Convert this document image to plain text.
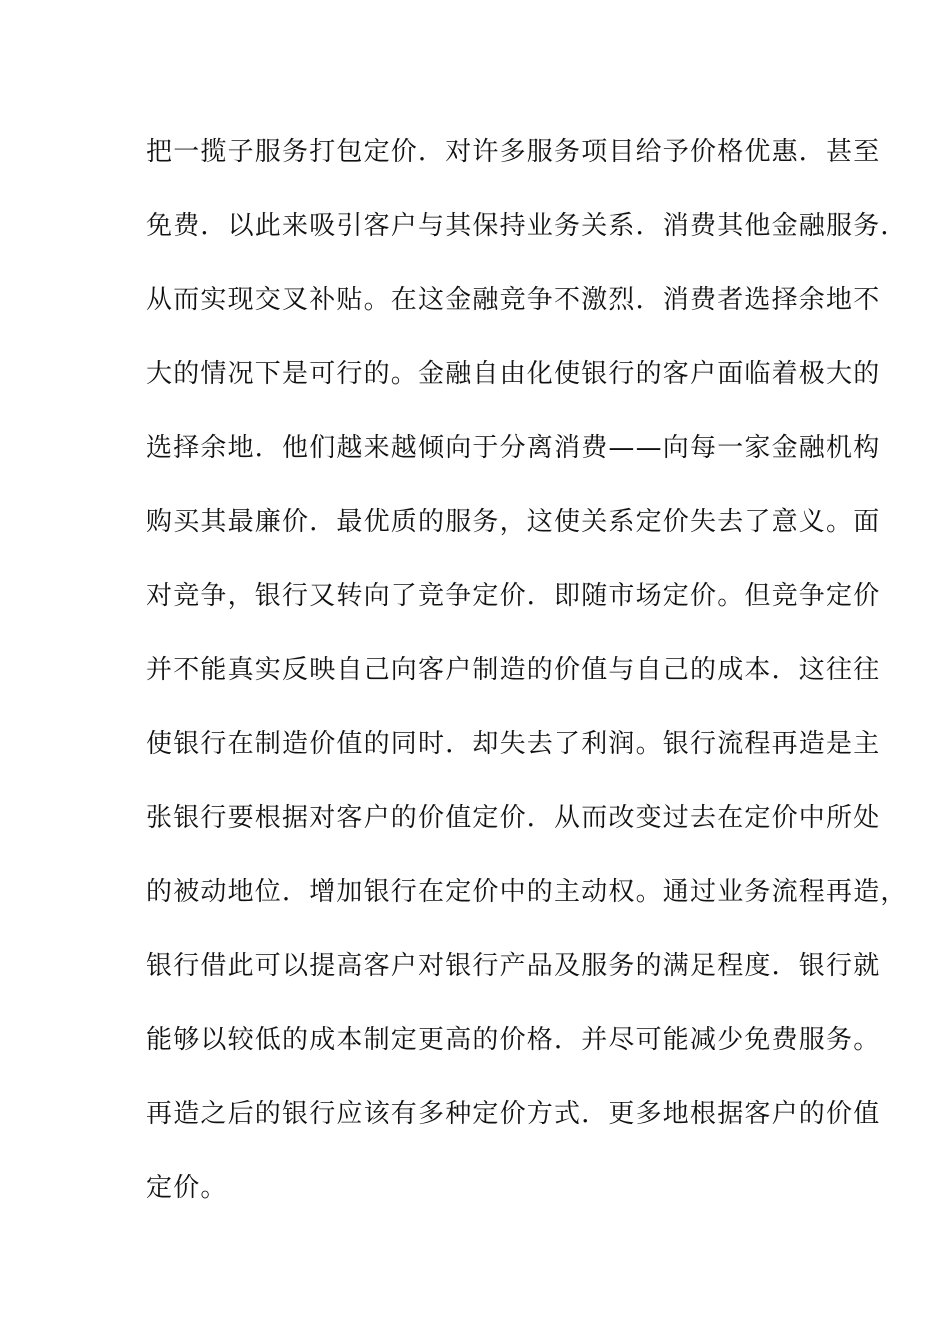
把一揽子服务打包定价．对许多服务项目给予价格优惠．甚至
免费．以此来吸引客户与其保持业务关系．消费其他金融服务．
从而实现交叉补贴。在这金融竞争不激烈．消费者选择余地不
大的情况下是可行的。金融自由化使银行的客户面临着极大的
选择余地．他们越来越倾向于分离消费——向每一家金融机构
购买其最廉价．最优质的服务，这使关系定价失去了意义。面
对竞争，银行又转向了竞争定价．即随市场定价。但竞争定价
并不能真实反映自己向客户制造的价值与自己的成本．这往往
使银行在制造价值的同时．却失去了利润。银行流程再造是主
张银行要根据对客户的价值定价．从而改变过去在定价中所处
的被动地位．增加银行在定价中的主动权。通过业务流程再造，
银行借此可以提高客户对银行产品及服务的满足程度．银行就
能够以较低的成本制定更高的价格．并尽可能减少免费服务。
再造之后的银行应该有多种定价方式．更多地根据客户的价值
定价。
